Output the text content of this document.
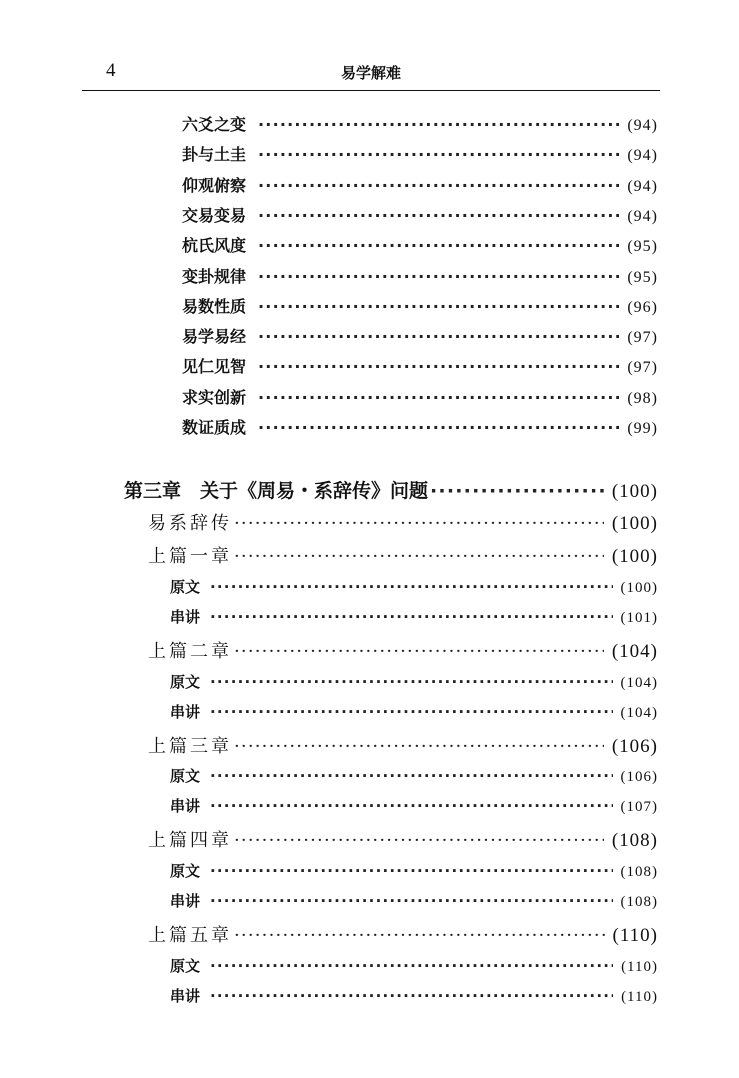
4	易学解难
六爻之变 ·····	(94)
卦与土圭 ·····	(94)
仰观俯察 ·····	(94)
交易变易 ·····	(94)
杭氏风度 ·····	(95)
变卦规律 ·····	(95)
易数性质 ·····	(96)
易学易经 ·····	(97)
见仁见智 ·····	(97)
求实创新 ·····	(98)
数证质成 ·····	(99)
第三章　关于《周易・系辞传》问题 ·····	(100)
易系辞传 ·····	(100)
上篇一章 ·····	(100)
原文 ·····	(100)
串讲 ·····	(101)
上篇二章 ·····	(104)
原文 ·····	(104)
串讲 ·····	(104)
上篇三章 ·····	(106)
原文 ·····	(106)
串讲 ·····	(107)
上篇四章 ·····	(108)
原文 ·····	(108)
串讲 ·····	(108)
上篇五章 ·····	(110)
原文 ·····	(110)
串讲 ·····	(110)
